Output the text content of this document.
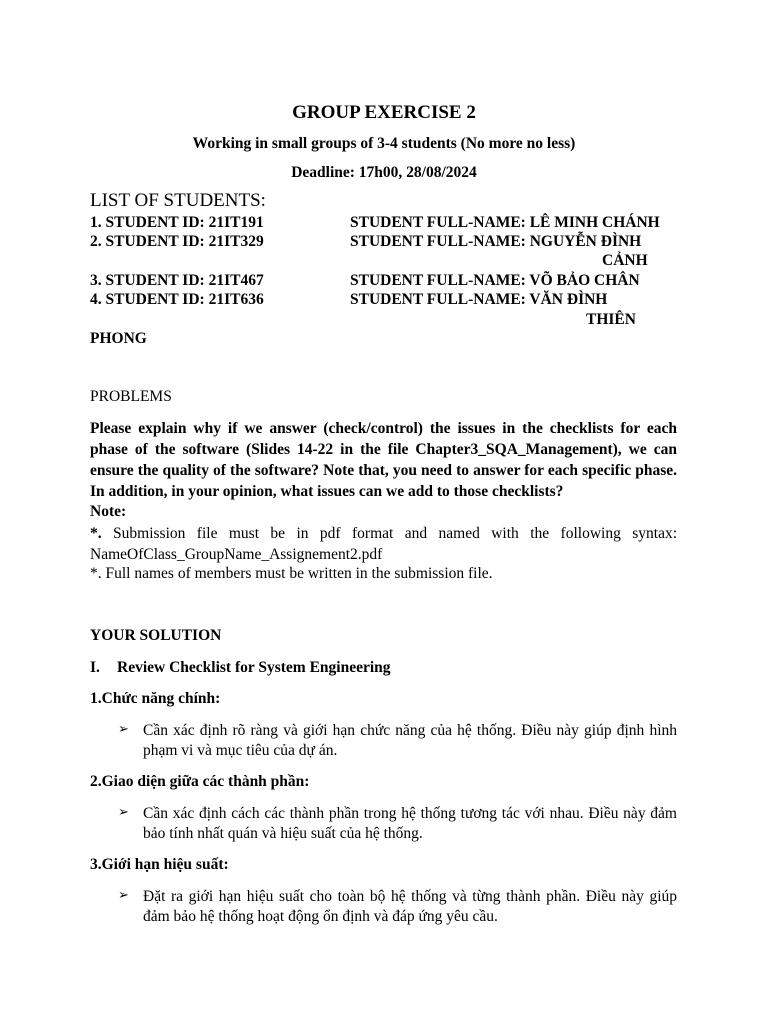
GROUP EXERCISE 2
Working in small groups of 3-4 students (No more no less)
Deadline: 17h00, 28/08/2024
LIST OF STUDENTS:
1. STUDENT ID: 21IT191	STUDENT FULL-NAME: LÊ MINH CHÁNH
2. STUDENT ID: 21IT329	STUDENT FULL-NAME: NGUYỄN ĐÌNH
CẢNH
3. STUDENT ID: 21IT467	STUDENT FULL-NAME: VÕ BẢO CHÂN
4. STUDENT ID: 21IT636	STUDENT FULL-NAME: VĂN ĐÌNH
THIÊN
PHONG
PROBLEMS
Please explain why if we answer (check/control) the issues in the checklists for each phase of the software (Slides 14-22 in the file Chapter3_SQA_Management), we can ensure the quality of the software? Note that, you need to answer for each specific phase. In addition, in your opinion, what issues can we add to those checklists?
Note:
*. Submission file must be in pdf format and named with the following syntax: NameOfClass_GroupName_Assignement2.pdf
*. Full names of members must be written in the submission file.
YOUR SOLUTION
I. Review Checklist for System Engineering
1.Chức năng chính:
➢ Cần xác định rõ ràng và giới hạn chức năng của hệ thống. Điều này giúp định hình phạm vi và mục tiêu của dự án.
2.Giao diện giữa các thành phần:
➢ Cần xác định cách các thành phần trong hệ thống tương tác với nhau. Điều này đảm bảo tính nhất quán và hiệu suất của hệ thống.
3.Giới hạn hiệu suất:
➢ Đặt ra giới hạn hiệu suất cho toàn bộ hệ thống và từng thành phần. Điều này giúp đảm bảo hệ thống hoạt động ổn định và đáp ứng yêu cầu.
